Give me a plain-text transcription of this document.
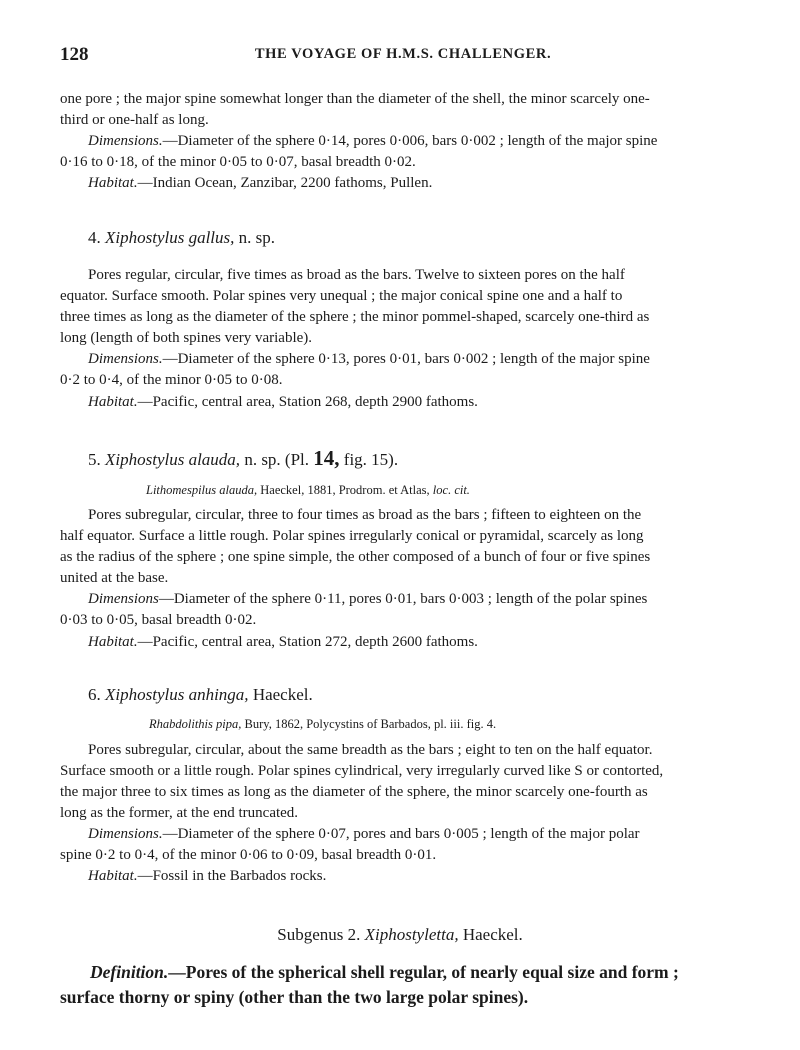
128	THE VOYAGE OF H.M.S. CHALLENGER.
one pore ; the major spine somewhat longer than the diameter of the shell, the minor scarcely one-
third or one-half as long.
Dimensions.—Diameter of the sphere 0·14, pores 0·006, bars 0·002 ; length of the major spine
0·16 to 0·18, of the minor 0·05 to 0·07, basal breadth 0·02.
Habitat.—Indian Ocean, Zanzibar, 2200 fathoms, Pullen.
4. Xiphostylus gallus, n. sp.
Pores regular, circular, five times as broad as the bars. Twelve to sixteen pores on the half
equator. Surface smooth. Polar spines very unequal ; the major conical spine one and a half to
three times as long as the diameter of the sphere ; the minor pommel-shaped, scarcely one-third as
long (length of both spines very variable).
Dimensions.—Diameter of the sphere 0·13, pores 0·01, bars 0·002 ; length of the major spine
0·2 to 0·4, of the minor 0·05 to 0·08.
Habitat.—Pacific, central area, Station 268, depth 2900 fathoms.
5. Xiphostylus alauda, n. sp. (Pl. 14, fig. 15).
Lithomespilus alauda, Haeckel, 1881, Prodrom. et Atlas, loc. cit.
Pores subregular, circular, three to four times as broad as the bars ; fifteen to eighteen on the
half equator. Surface a little rough. Polar spines irregularly conical or pyramidal, scarcely as long
as the radius of the sphere ; one spine simple, the other composed of a bunch of four or five spines
united at the base.
Dimensions—Diameter of the sphere 0·11, pores 0·01, bars 0·003 ; length of the polar spines
0·03 to 0·05, basal breadth 0·02.
Habitat.—Pacific, central area, Station 272, depth 2600 fathoms.
6. Xiphostylus anhinga, Haeckel.
Rhabdolithis pipa, Bury, 1862, Polycystins of Barbados, pl. iii. fig. 4.
Pores subregular, circular, about the same breadth as the bars ; eight to ten on the half equator.
Surface smooth or a little rough. Polar spines cylindrical, very irregularly curved like S or contorted,
the major three to six times as long as the diameter of the sphere, the minor scarcely one-fourth as
long as the former, at the end truncated.
Dimensions.—Diameter of the sphere 0·07, pores and bars 0·005 ; length of the major polar
spine 0·2 to 0·4, of the minor 0·06 to 0·09, basal breadth 0·01.
Habitat.—Fossil in the Barbados rocks.
Subgenus 2. Xiphostyletta, Haeckel.
Definition.—Pores of the spherical shell regular, of nearly equal size and form ;
surface thorny or spiny (other than the two large polar spines).
